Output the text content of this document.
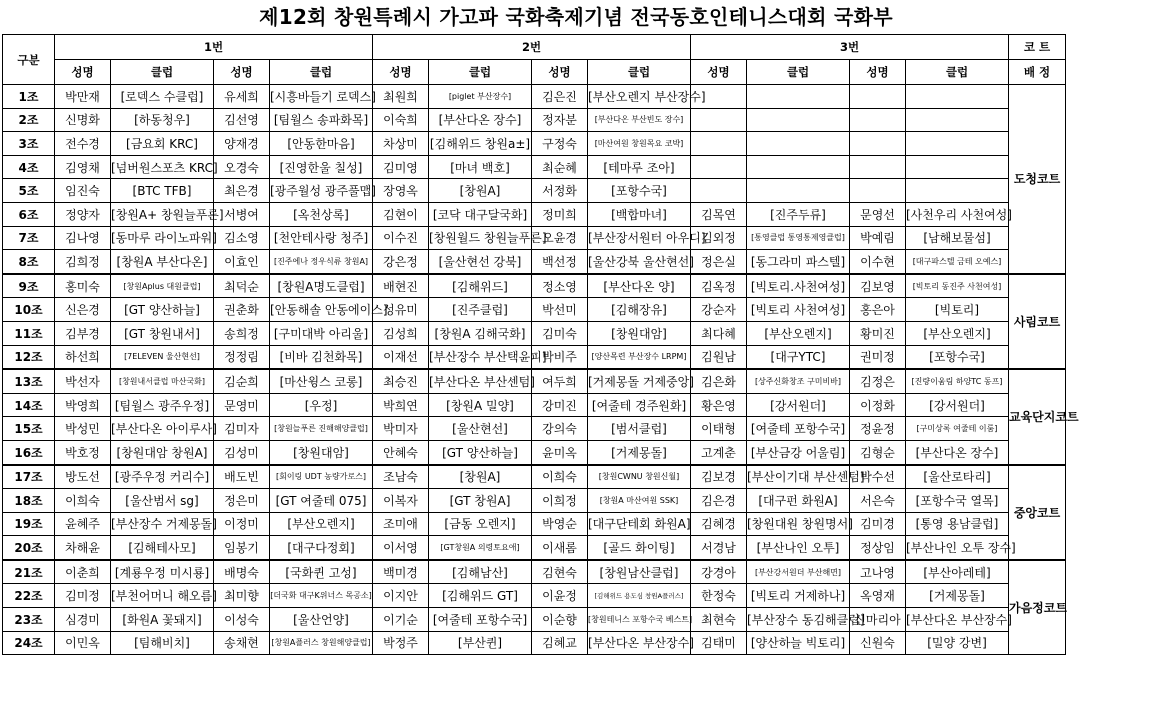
제12회 창원특례시 가고파 국화축제기념 전국동호인테니스대회 국화부
구분	1번				2번				3번				코 트
	성명	클럽	성명	클럽	성명	클럽	성명	클럽	성명	클럽	성명	클럽	배 정
1조	박만재	[로덱스 수클럽]	유세희	[시흥바들기 로덱스]	최원희	[piglet 부산장수]	김은진	[부산오렌지 부산장수]					도청코트
2조	신명화	[하동청우]	김선영	[팀월스 송파화목]	이숙희	[부산다온 장수]	정자분	[부산다온 부산빈도 장수]					
3조	전수경	[금요회 KRC]	양재경	[안동한마음]	차상미	[김해위드 창원a±]	구정숙	[마산여원 창원목요 코박]					
4조	김영채	[넘버원스포츠 KRC]	오경숙	[진영한울 칠성]	김미영	[마녀 백호]	최순혜	[테마루 조아]					
5조	임진숙	[BTC TFB]	최은경	[광주월성 광주풀맵]	장영옥	[창원A]	서정화	[포항수국]					
6조	정양자	[창원A+ 창원늘푸른]	서병여	[옥천상록]	김현이	[코닥 대구달국화]	정미희	[백합마녀]	김목연	[진주두류]	문영선	[사천우리 사천여성]	
7조	김나영	[동마루 라이노파워]	김소영	[천안테사랑 청주]	이수진	[창원월드 창원늘푸른]	오윤경	[부산장서원터 아우디]	김외정	[통영클럽 통영통제영클럽]	박예림	[남해보물섬]	
8조	김희정	[창원A 부산다온]	이효인	[진주에나 정우식류 창원A]	강은정	[울산현선 강북]	백선정	[울산강북 울산현선]	정은실	[동그라미 파스텔]	이수현	[대구파스텔 금테 오예스]	
9조	홍미숙	[창원Aplus 대원클럽]	최덕순	[창원A명도클럽]	배현진	[김해위드]	정소영	[부산다온 양]	김옥정	[빅토리.사천여성]	김보영	[빅토리 동진주 사천여성]	사림코트
10조	신은경	[GT 양산하늘]	권춘화	[안동해솔 안동에이스]	성유미	[진주클럽]	박선미	[김해장유]	강순자	[빅토리 사천여성]	홍은아	[빅토리]	
11조	김부경	[GT 창원내서]	송희정	[구미대박 아리울]	김성희	[창원A 김해국화]	김미숙	[창원대암]	최다혜	[부산오렌지]	황미진	[부산오렌지]	
12조	하선희	[7ELEVEN 울산현선]	정정림	[비바 김천화목]	이재선	[부산장수 부산택윤피]	박비주	[양산목련 부산장수 LRPM]	김원남	[대구YTC]	권미정	[포항수국]	
13조	박선자	[창원내서클럽 마산국화]	김순희	[마산윙스 코롱]	최승진	[부산다온 부산센텀]	여두희	[거제몽돌 거제중앙]	김은화	[상주신화창조 구미비바]	김정은	[진량이움림 하양TC 동프]	교육단지코트
14조	박영희	[팀월스 광주우정]	문영미	[우정]	박희연	[창원A 밀양]	강미진	[여줄테 경주원화]	황은영	[강서원더]	이정화	[강서원더]	
15조	박성민	[부산다온 아이루사]	김미자	[창원늘푸른 진해해양클럽]	박미자	[울산현선]	강의숙	[범서클럽]	이태형	[여줄테 포항수국]	정윤정	[구미상록 여줄테 이룸]	
16조	박호정	[창원대암 창원A]	김성미	[창원대암]	안혜숙	[GT 양산하늘]	윤미옥	[거제몽돌]	고계춘	[부산금강 어울림]	김형순	[부산다온 장수]	
17조	방도선	[광주우정 커리수]	배도빈	[회이링 UDT 농량가로스]	조남숙	[창원A]	이희숙	[창원CWNU 창원신월]	김보경	[부산이기대 부산센텀]	박수선	[울산로타리]	중앙코트
18조	이희숙	[울산범서 sg]	정은미	[GT 여줄테 075]	이복자	[GT 창원A]	이희정	[창원A 마산여원 SSK]	김은경	[대구펀 화원A]	서은숙	[포항수국 열목]	
19조	윤혜주	[부산장수 거제몽돌]	이정미	[부산오렌지]	조미애	[금동 오렌지]	박영순	[대구단테회 화원A]	김혜경	[창원대원 창원명서]	김미경	[통영 용남클럽]	
20조	차해윤	[김해테사모]	임봉기	[대구다정회]	이서영	[GT창원A 의령토요애]	이새롬	[골드 화이팅]	서경남	[부산나인 오투]	정상임	[부산나인 오투 장수]	
21조	이춘희	[계룡우정 미시룡]	배명숙	[국화퀸 고성]	백미경	[김해남산]	김현숙	[창원남산클럽]	강경아	[부산강서원더 부산해면]	고나영	[부산아레테]	가음정코트
22조	김미정	[부천어머니 해오름]	최미향	[더국화 대구K위너스 목공소]	이지안	[김해위드 GT]	이윤정	[김해위드 용도심 창원A플러스]	한정숙	[빅토리 거제하나]	옥영재	[거제몽돌]	
23조	심경미	[화원A 꽃돼지]	이성숙	[울산언양]	이기순	[여줄테 포항수국]	이순향	[창원테니스 포항수국 베스트]	최현숙	[부산장수 동김해클럽]	신마리아	[부산다온 부산장수]	
24조	이민옥	[팀해비치]	송채현	[창원A플러스 창원해양클럽]	박정주	[부산퀸]	김혜교	[부산다온 부산장수]	김태미	[양산하늘 빅토리]	신원숙	[밀양 강변]	
